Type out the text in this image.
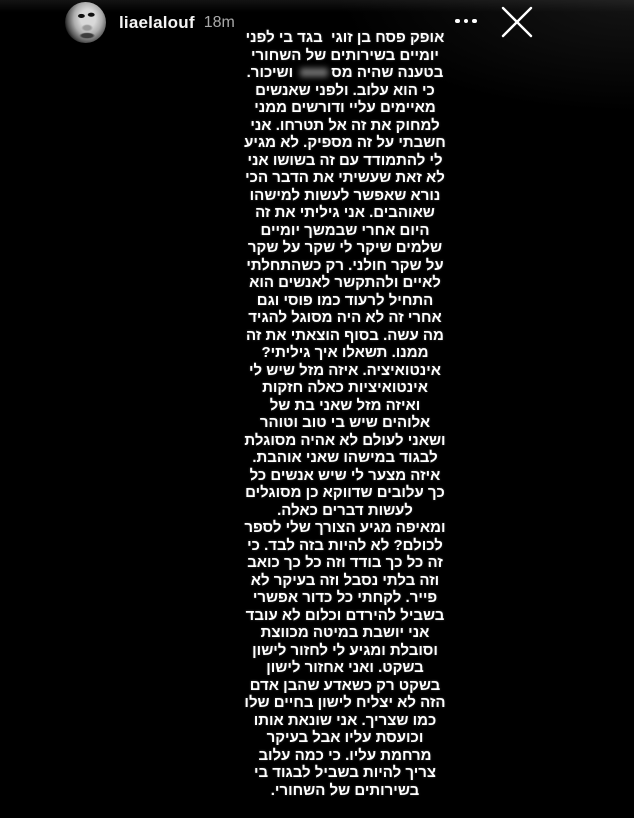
liaelalouf 18m
אופק פסח בן זוגי  בגד בי לפני
יומיים בשירותים של השחורי
בטענה שהיה מס ושיכור.
כי הוא עלוב. ולפני שאנשים
מאיימים עליי ודורשים ממני
למחוק את זה אל תטרחו. אני
חשבתי על זה מספיק. לא מגיע
לי להתמודד עם זה בשושו אני
לא זאת שעשיתי את הדבר הכי
נורא שאפשר לעשות למישהו
שאוהבים. אני גיליתי את זה
היום אחרי שבמשך יומיים
שלמים שיקר לי שקר על שקר
על שקר חולני. רק כשהתחלתי
לאיים ולהתקשר לאנשים הוא
התחיל לרעוד כמו פוסי וגם
אחרי זה לא היה מסוגל להגיד
מה עשה. בסוף הוצאתי את זה
ממנו. תשאלו איך גיליתי?
אינטואיציה. איזה מזל שיש לי
אינטואיציות כאלה חזקות
ואיזה מזל שאני בת של
אלוהים שיש בי טוב וטוהר
ושאני לעולם לא אהיה מסוגלת
לבגוד במישהו שאני אוהבת.
איזה מצער לי שיש אנשים כל
כך עלובים שדווקא כן מסוגלים
לעשות דברים כאלה.
ומאיפה מגיע הצורך שלי לספר
לכולם? לא להיות בזה לבד. כי
זה כל כך בודד וזה כל כך כואב
וזה בלתי נסבל וזה בעיקר לא
פייר. לקחתי כל כדור אפשרי
בשביל להירדם וכלום לא עובד
אני יושבת במיטה מכווצת
וסובלת ומגיע לי לחזור לישון
בשקט. ואני אחזור לישון
בשקט רק כשאדע שהבן אדם
הזה לא יצליח לישון בחיים שלו
כמו שצריך. אני שונאת אותו
וכועסת עליו אבל בעיקר
מרחמת עליו. כי כמה עלוב
צריך להיות בשביל לבגוד בי
בשירותים של השחורי.
